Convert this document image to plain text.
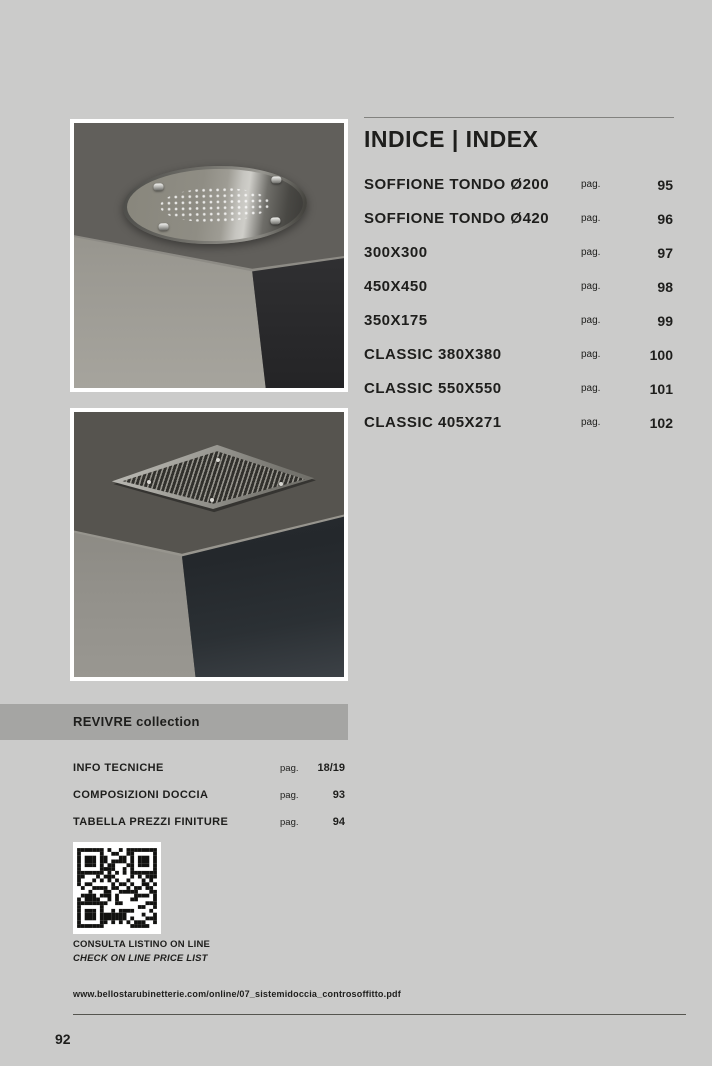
INDICE | INDEX
SOFFIONE TONDO Ø200	pag.	95
SOFFIONE TONDO Ø420	pag.	96
300X300	pag.	97
450X450	pag.	98
350X175	pag.	99
CLASSIC 380X380	pag.	100
CLASSIC 550X550	pag.	101
CLASSIC 405X271	pag.	102
REVIVRE collection
INFO TECNICHE	pag. 18/19
COMPOSIZIONI DOCCIA	pag.	93
TABELLA PREZZI FINITURE	pag.	94
CONSULTA LISTINO ON LINE
CHECK ON LINE PRICE LIST
www.bellostarubinetterie.com/online/07_sistemidoccia_controsoffitto.pdf
92
